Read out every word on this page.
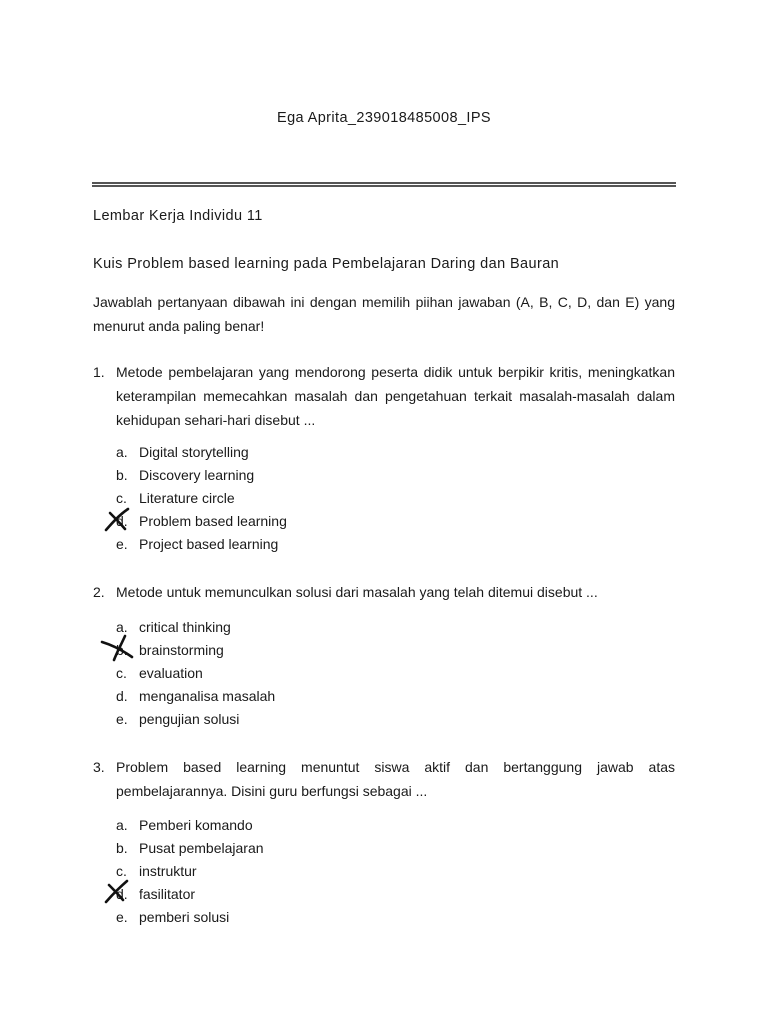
Ega Aprita_239018485008_IPS
Lembar Kerja Individu 11
Kuis Problem based learning pada Pembelajaran Daring dan Bauran
Jawablah pertanyaan dibawah ini dengan memilih piihan jawaban (A, B, C, D, dan E) yang
menurut anda paling benar!
1. Metode pembelajaran yang mendorong peserta didik untuk berpikir kritis, meningkatkan
keterampilan memecahkan masalah dan pengetahuan terkait masalah-masalah dalam
kehidupan sehari-hari disebut ...
a. Digital storytelling
b. Discovery learning
c. Literature circle
d. Problem based learning
e. Project based learning
2. Metode untuk memunculkan solusi dari masalah yang telah ditemui disebut ...
a. critical thinking
b. brainstorming
c. evaluation
d. menganalisa masalah
e. pengujian solusi
3. Problem based learning menuntut siswa aktif dan bertanggung jawab atas
pembelajarannya. Disini guru berfungsi sebagai ...
a. Pemberi komando
b. Pusat pembelajaran
c. instruktur
d. fasilitator
e. pemberi solusi
